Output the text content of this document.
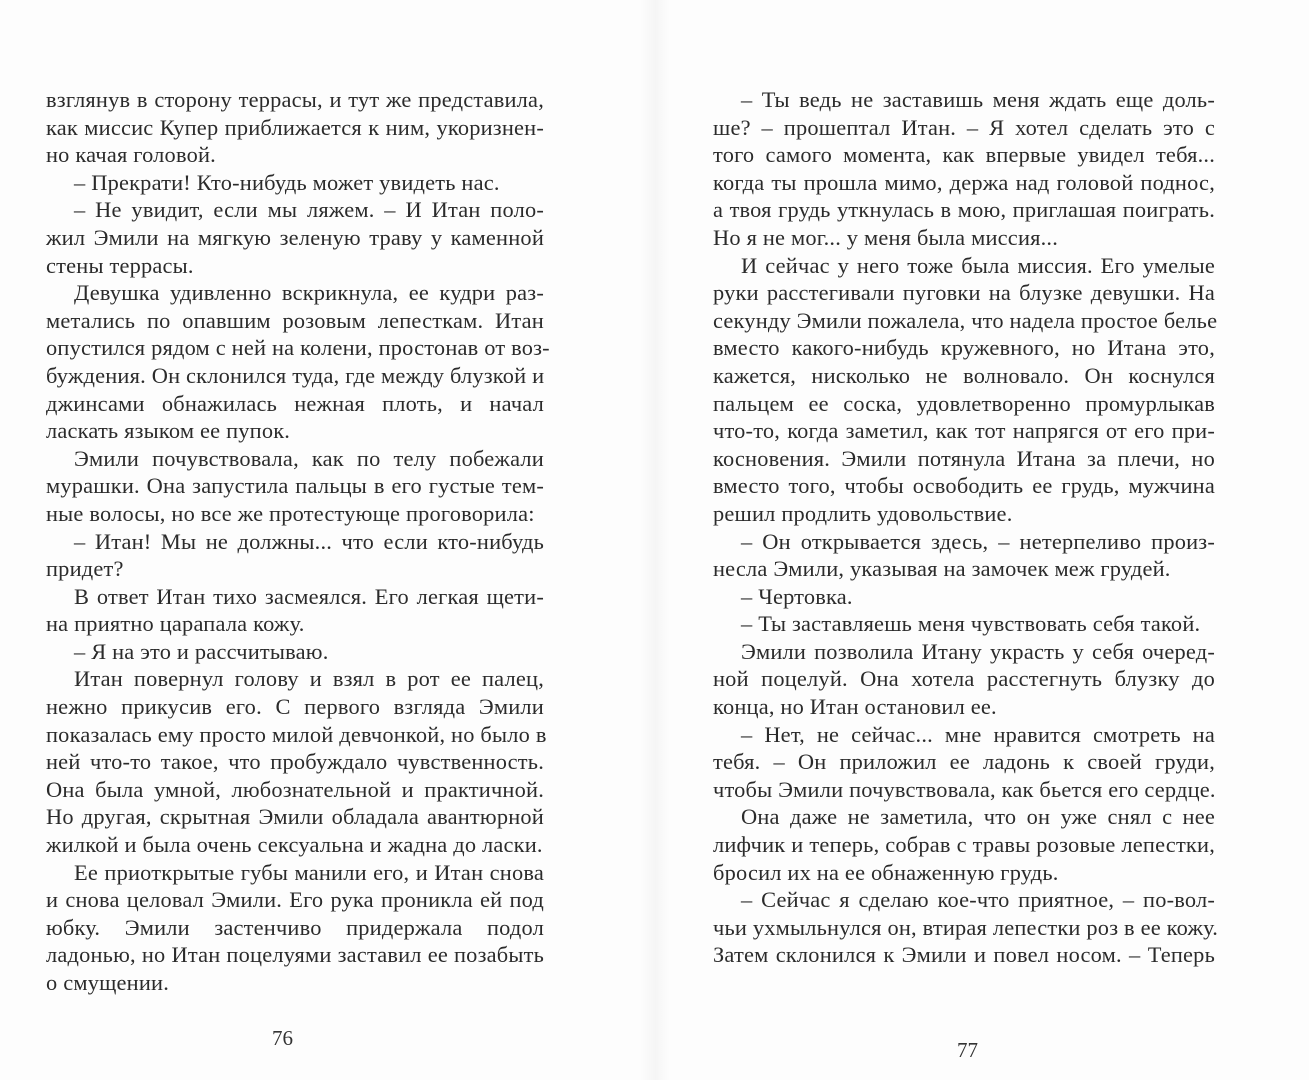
взглянув в сторону террасы, и тут же представила,
как миссис Купер приближается к ним, укоризнен-
но качая головой.
– Прекрати! Кто-нибудь может увидеть нас.
– Не увидит, если мы ляжем. – И Итан поло-
жил Эмили на мягкую зеленую траву у каменной
стены террасы.
Девушка удивленно вскрикнула, ее кудри раз-
метались по опавшим розовым лепесткам. Итан
опустился рядом с ней на колени, простонав от воз-
буждения. Он склонился туда, где между блузкой и
джинсами обнажилась нежная плоть, и начал
ласкать языком ее пупок.
Эмили почувствовала, как по телу побежали
мурашки. Она запустила пальцы в его густые тем-
ные волосы, но все же протестующе проговорила:
– Итан! Мы не должны... что если кто-нибудь
придет?
В ответ Итан тихо засмеялся. Его легкая щети-
на приятно царапала кожу.
– Я на это и рассчитываю.
Итан повернул голову и взял в рот ее палец,
нежно прикусив его. С первого взгляда Эмили
показалась ему просто милой девчонкой, но было в
ней что-то такое, что пробуждало чувственность.
Она была умной, любознательной и практичной.
Но другая, скрытная Эмили обладала авантюрной
жилкой и была очень сексуальна и жадна до ласки.
Ее приоткрытые губы манили его, и Итан снова
и снова целовал Эмили. Его рука проникла ей под
юбку. Эмили застенчиво придержала подол
ладонью, но Итан поцелуями заставил ее позабыть
о смущении.
– Ты ведь не заставишь меня ждать еще доль-
ше? – прошептал Итан. – Я хотел сделать это с
того самого момента, как впервые увидел тебя...
когда ты прошла мимо, держа над головой поднос,
а твоя грудь уткнулась в мою, приглашая поиграть.
Но я не мог... у меня была миссия...
И сейчас у него тоже была миссия. Его умелые
руки расстегивали пуговки на блузке девушки. На
секунду Эмили пожалела, что надела простое белье
вместо какого-нибудь кружевного, но Итана это,
кажется, нисколько не волновало. Он коснулся
пальцем ее соска, удовлетворенно промурлыкав
что-то, когда заметил, как тот напрягся от его при-
косновения. Эмили потянула Итана за плечи, но
вместо того, чтобы освободить ее грудь, мужчина
решил продлить удовольствие.
– Он открывается здесь, – нетерпеливо произ-
несла Эмили, указывая на замочек меж грудей.
– Чертовка.
– Ты заставляешь меня чувствовать себя такой.
Эмили позволила Итану украсть у себя очеред-
ной поцелуй. Она хотела расстегнуть блузку до
конца, но Итан остановил ее.
– Нет, не сейчас... мне нравится смотреть на
тебя. – Он приложил ее ладонь к своей груди,
чтобы Эмили почувствовала, как бьется его сердце.
Она даже не заметила, что он уже снял с нее
лифчик и теперь, собрав с травы розовые лепестки,
бросил их на ее обнаженную грудь.
– Сейчас я сделаю кое-что приятное, – по-вол-
чьи ухмыльнулся он, втирая лепестки роз в ее кожу.
Затем склонился к Эмили и повел носом. – Теперь
76	77
